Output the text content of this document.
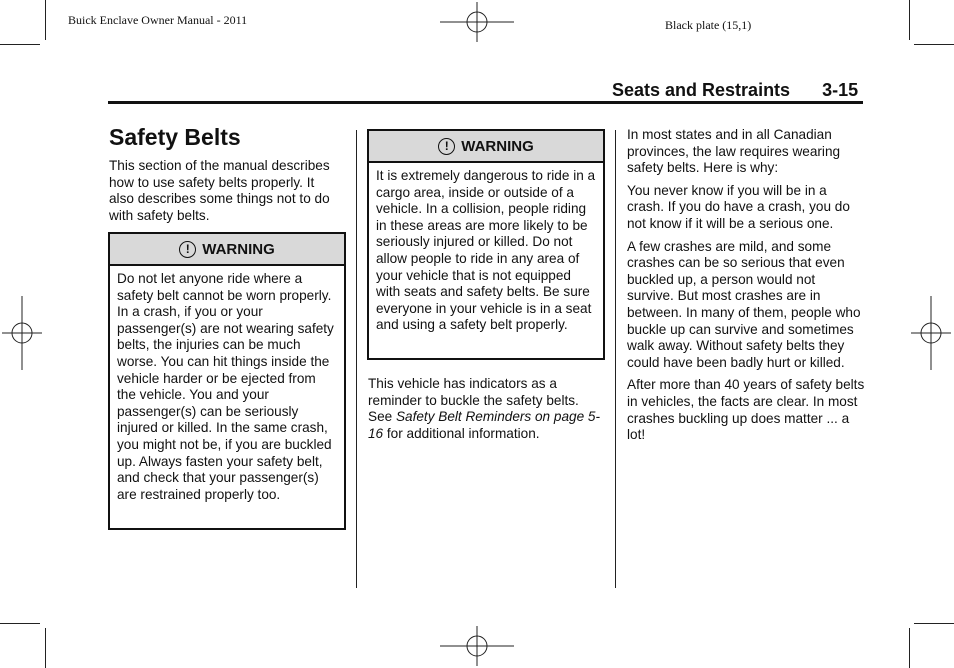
Buick Enclave Owner Manual - 2011	Black plate (15,1)
Seats and Restraints 3-15
Safety Belts

This section of the manual describes how to use safety belts properly. It also describes some things not to do with safety belts.

! WARNING
Do not let anyone ride where a safety belt cannot be worn properly. In a crash, if you or your passenger(s) are not wearing safety belts, the injuries can be much worse. You can hit things inside the vehicle harder or be ejected from the vehicle. You and your passenger(s) can be seriously injured or killed. In the same crash, you might not be, if you are buckled up. Always fasten your safety belt, and check that your passenger(s) are restrained properly too.
! WARNING
It is extremely dangerous to ride in a cargo area, inside or outside of a vehicle. In a collision, people riding in these areas are more likely to be seriously injured or killed. Do not allow people to ride in any area of your vehicle that is not equipped with seats and safety belts. Be sure everyone in your vehicle is in a seat and using a safety belt properly.
This vehicle has indicators as a reminder to buckle the safety belts. See Safety Belt Reminders on page 5-16 for additional information.

In most states and in all Canadian provinces, the law requires wearing safety belts. Here is why:

You never know if you will be in a crash. If you do have a crash, you do not know if it will be a serious one.

A few crashes are mild, and some crashes can be so serious that even buckled up, a person would not survive. But most crashes are in between. In many of them, people who buckle up can survive and sometimes walk away. Without safety belts they could have been badly hurt or killed.

After more than 40 years of safety belts in vehicles, the facts are clear. In most crashes buckling up does matter ... a lot!
